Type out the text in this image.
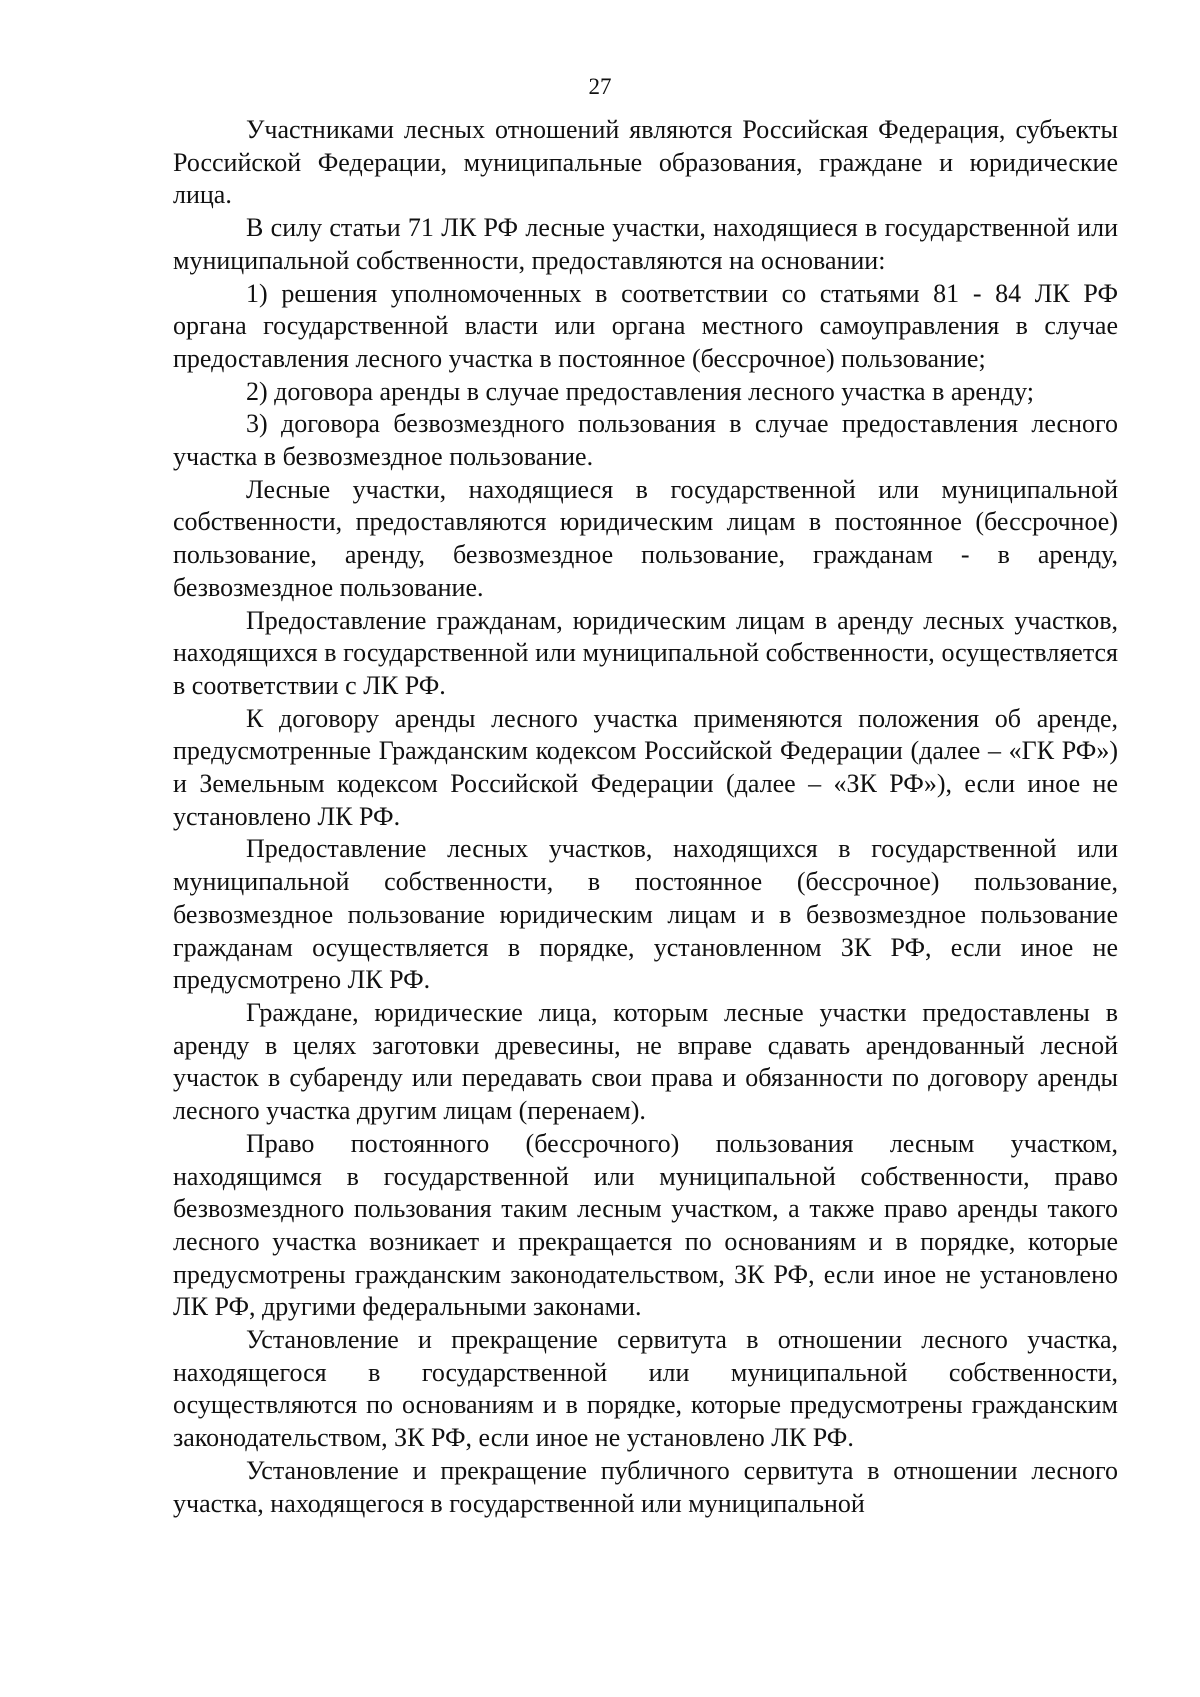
27

Участниками лесных отношений являются Российская Федерация, субъекты Российской Федерации, муниципальные образования, граждане и юридические лица.

В силу статьи 71 ЛК РФ лесные участки, находящиеся в государственной или муниципальной собственности, предоставляются на основании:

1) решения уполномоченных в соответствии со статьями 81 - 84 ЛК РФ органа государственной власти или органа местного самоуправления в случае предоставления лесного участка в постоянное (бессрочное) пользование;

2) договора аренды в случае предоставления лесного участка в аренду;

3) договора безвозмездного пользования в случае предоставления лесного участка в безвозмездное пользование.

Лесные участки, находящиеся в государственной или муниципальной собственности, предоставляются юридическим лицам в постоянное (бессрочное) пользование, аренду, безвозмездное пользование, гражданам - в аренду, безвозмездное пользование.

Предоставление гражданам, юридическим лицам в аренду лесных участков, находящихся в государственной или муниципальной собственности, осуществляется в соответствии с ЛК РФ.

К договору аренды лесного участка применяются положения об аренде, предусмотренные Гражданским кодексом Российской Федерации (далее – «ГК РФ») и Земельным кодексом Российской Федерации (далее – «ЗК РФ»), если иное не установлено ЛК РФ.

Предоставление лесных участков, находящихся в государственной или муниципальной собственности, в постоянное (бессрочное) пользование, безвозмездное пользование юридическим лицам и в безвозмездное пользование гражданам осуществляется в порядке, установленном ЗК РФ, если иное не предусмотрено ЛК РФ.

Граждане, юридические лица, которым лесные участки предоставлены в аренду в целях заготовки древесины, не вправе сдавать арендованный лесной участок в субаренду или передавать свои права и обязанности по договору аренды лесного участка другим лицам (перенаем).

Право постоянного (бессрочного) пользования лесным участком, находящимся в государственной или муниципальной собственности, право безвозмездного пользования таким лесным участком, а также право аренды такого лесного участка возникает и прекращается по основаниям и в порядке, которые предусмотрены гражданским законодательством, ЗК РФ, если иное не установлено ЛК РФ, другими федеральными законами.

Установление и прекращение сервитута в отношении лесного участка, находящегося в государственной или муниципальной собственности, осуществляются по основаниям и в порядке, которые предусмотрены гражданским законодательством, ЗК РФ, если иное не установлено ЛК РФ.

Установление и прекращение публичного сервитута в отношении лесного участка, находящегося в государственной или муниципальной
